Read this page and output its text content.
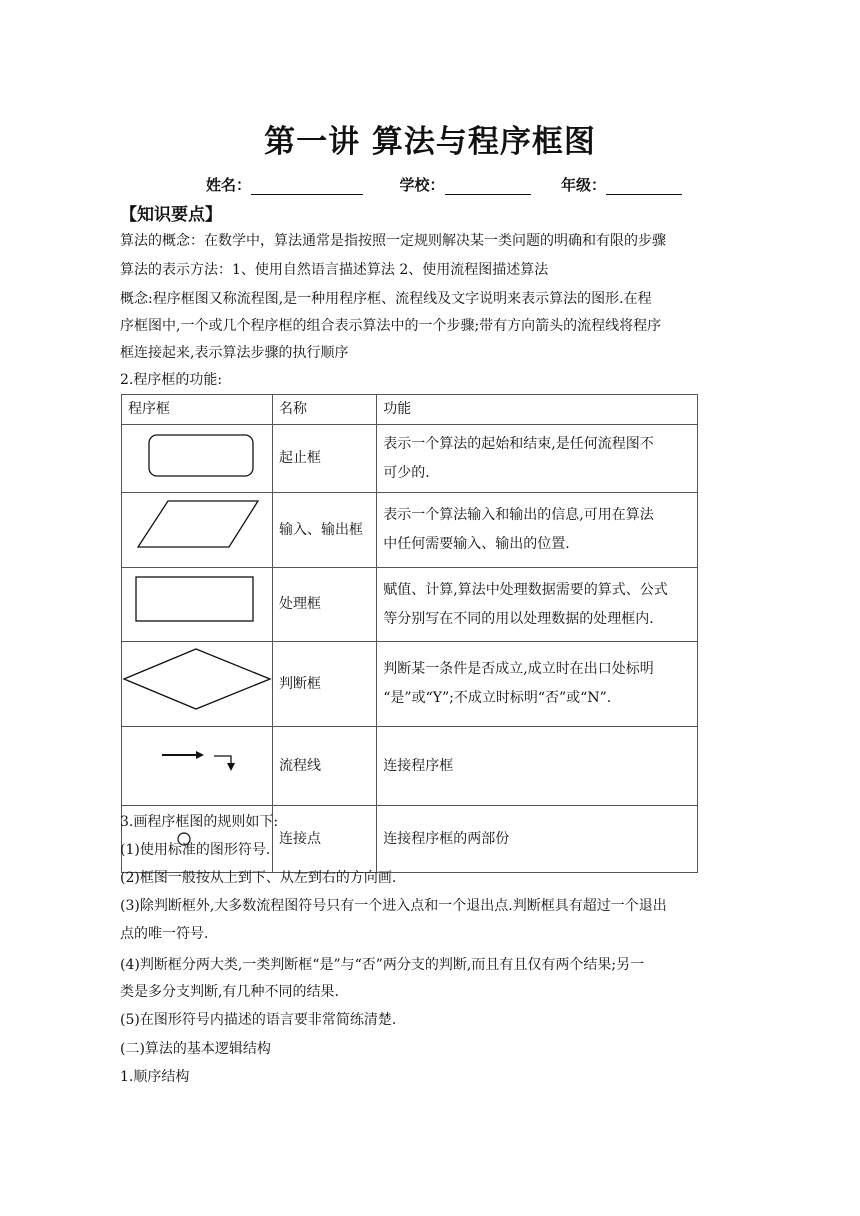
第一讲 算法与程序框图
姓名：	学校：	年级：
【知识要点】
算法的概念：在数学中，算法通常是指按照一定规则解决某一类问题的明确和有限的步骤
算法的表示方法：1、使用自然语言描述算法 2、使用流程图描述算法
概念:程序框图又称流程图,是一种用程序框、流程线及文字说明来表示算法的图形.在程
序框图中,一个或几个程序框的组合表示算法中的一个步骤;带有方向箭头的流程线将程序
框连接起来,表示算法步骤的执行顺序
2.程序框的功能:
程序框	名称	功能
	起止框	表示一个算法的起始和结束,是任何流程图不
可少的.

	输入、输出框	表示一个算法输入和输出的信息,可用在算法
中任何需要输入、输出的位置.

	处理框	赋值、计算,算法中处理数据需要的算式、公式
等分别写在不同的用以处理数据的处理框内.

	判断框	判断某一条件是否成立,成立时在出口处标明
“是”或“Y”;不成立时标明“否”或“N”.

	流程线	连接程序框

	连接点	连接程序框的两部份
3.画程序框图的规则如下:
(1)使用标准的图形符号.
(2)框图一般按从上到下、从左到右的方向画.
(3)除判断框外,大多数流程图符号只有一个进入点和一个退出点.判断框具有超过一个退出
点的唯一符号.
(4)判断框分两大类,一类判断框“是”与“否”两分支的判断,而且有且仅有两个结果;另一
类是多分支判断,有几种不同的结果.
(5)在图形符号内描述的语言要非常简练清楚.
(二)算法的基本逻辑结构
1.顺序结构
